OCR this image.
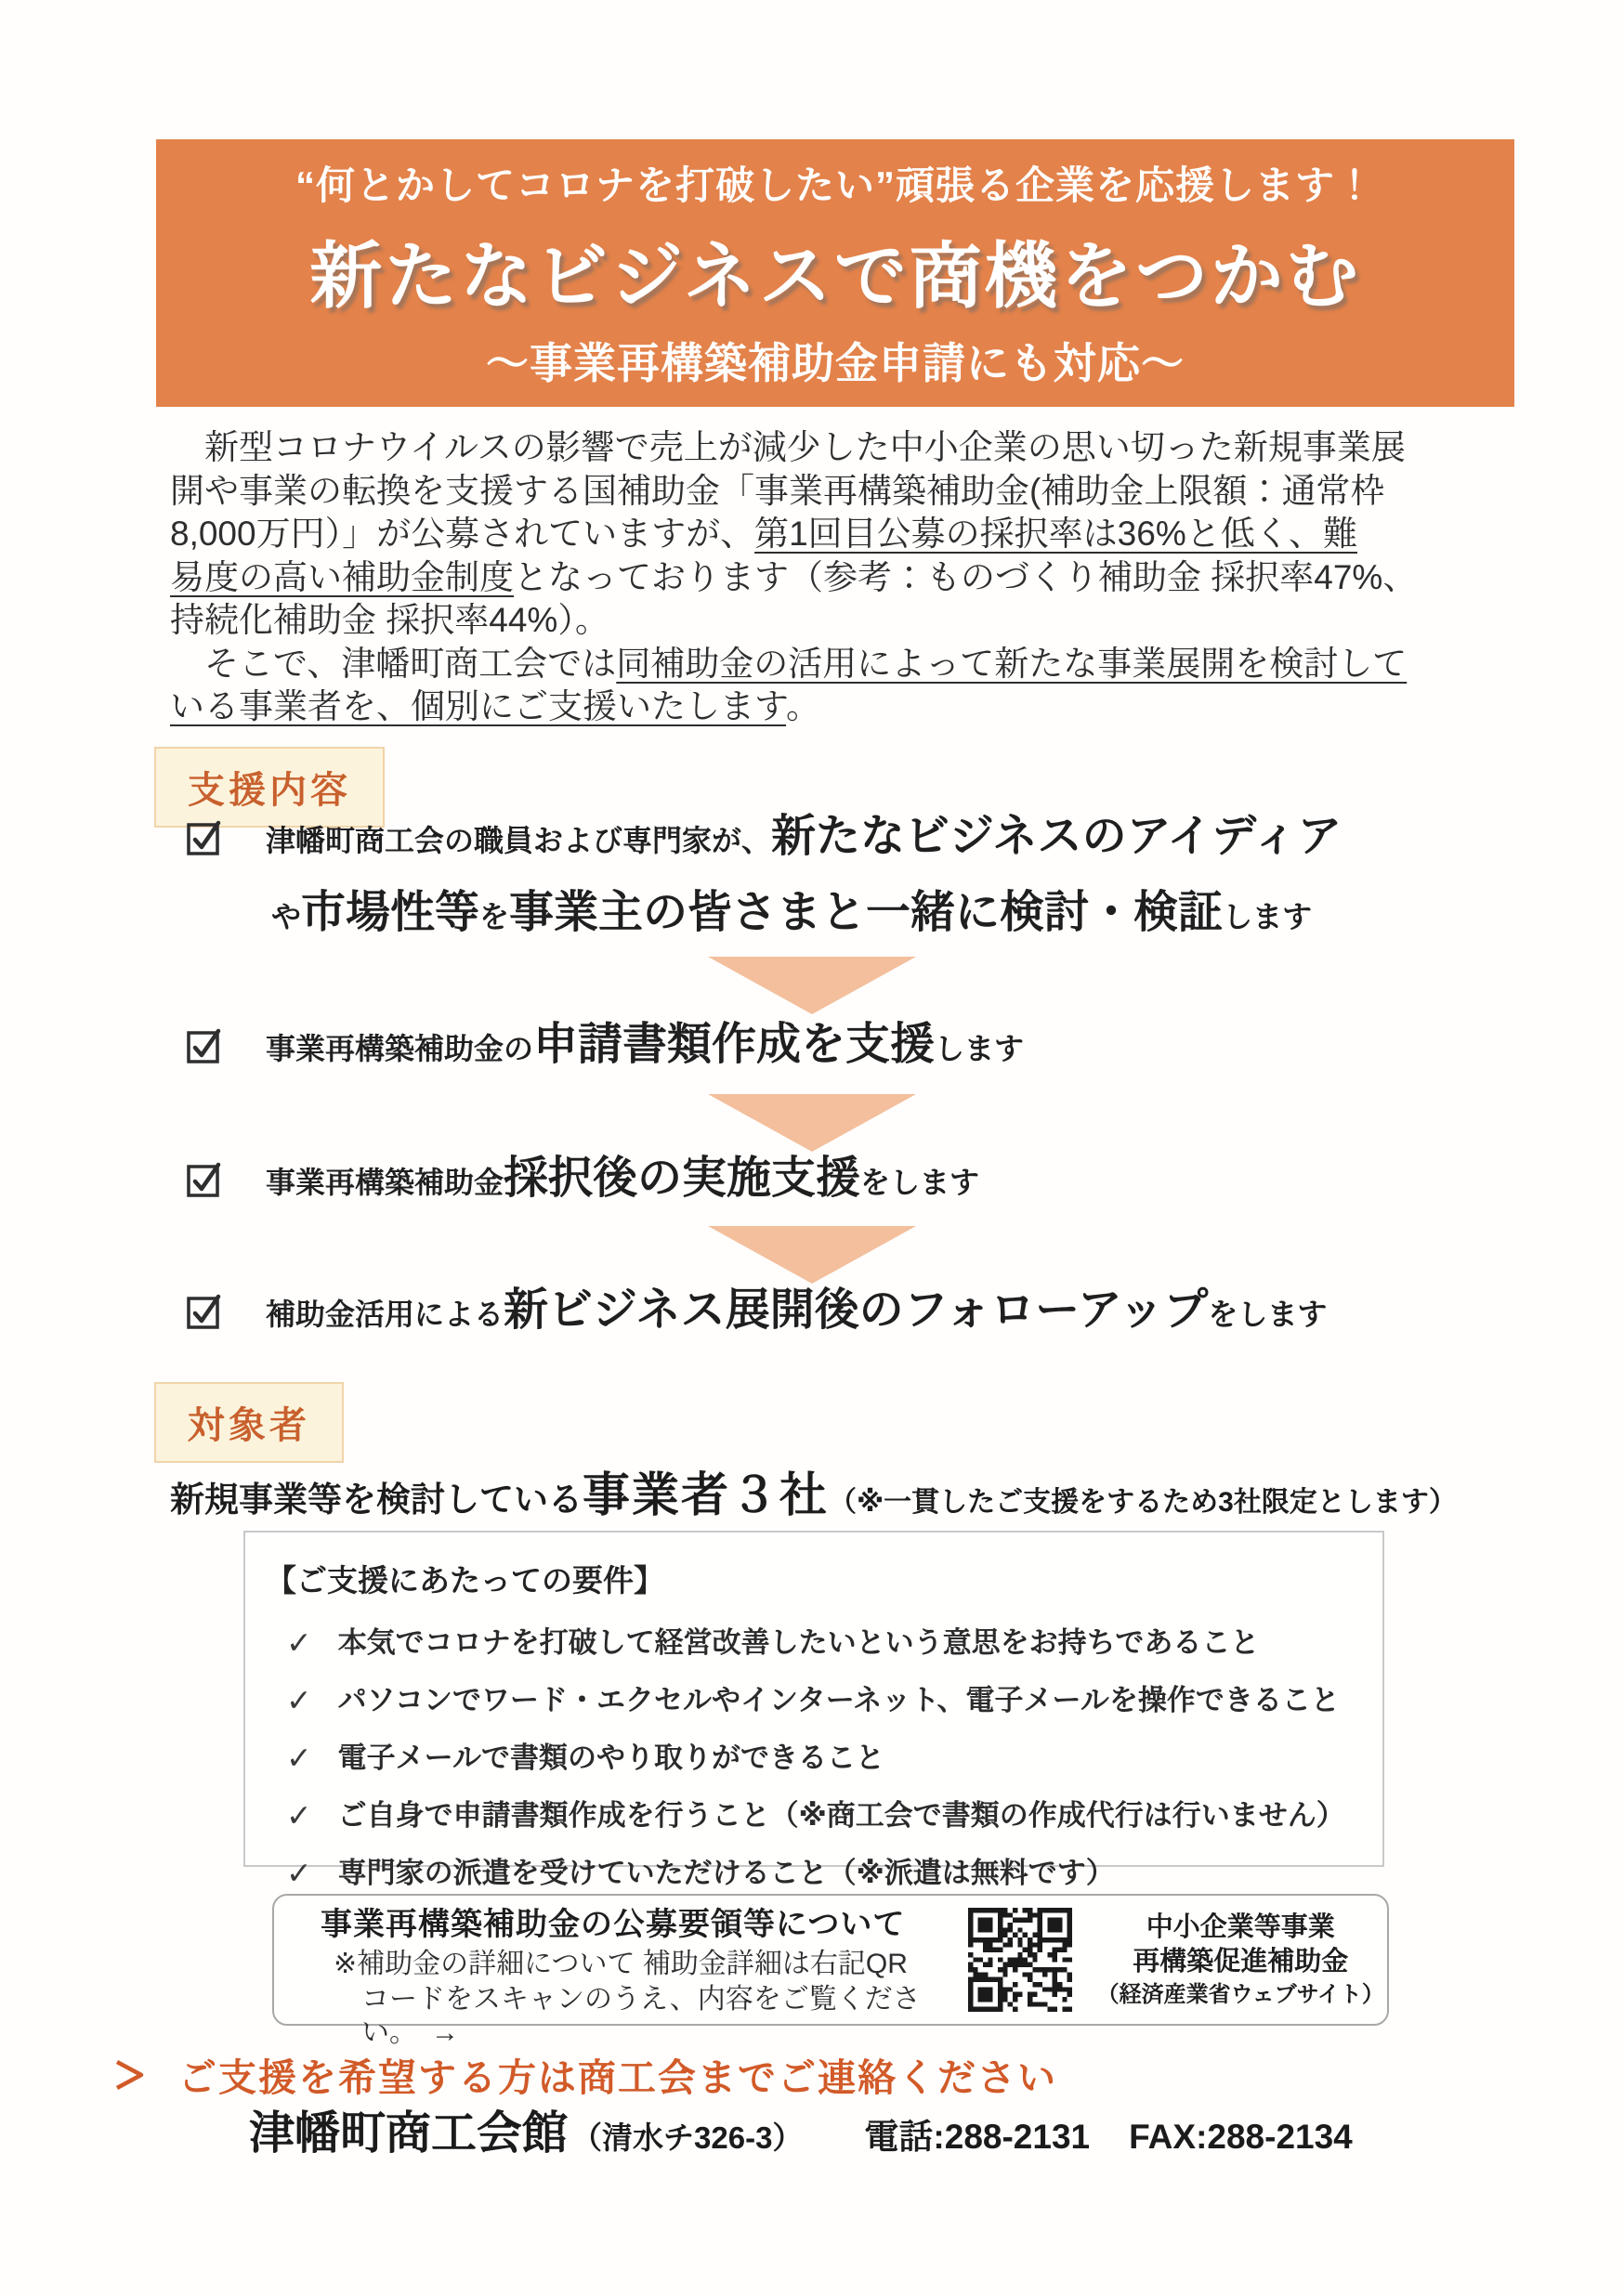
“何とかしてコロナを打破したい”頑張る企業を応援します！
新たなビジネスで商機をつかむ
～事業再構築補助金申請にも対応～
　新型コロナウイルスの影響で売上が減少した中小企業の思い切った新規事業展
開や事業の転換を支援する国補助金「事業再構築補助金(補助金上限額：通常枠
8,000万円）」が公募されていますが、第1回目公募の採択率は36%と低く、難
易度の高い補助金制度となっております（参考：ものづくり補助金 採択率47%、
持続化補助金 採択率44%）。
　そこで、津幡町商工会では同補助金の活用によって新たな事業展開を検討して
いる事業者を、個別にご支援いたします。
支援内容
津幡町商工会の職員および専門家が、新たなビジネスのアイディア
や市場性等を事業主の皆さまと一緒に検討・検証します
事業再構築補助金の申請書類作成を支援します
事業再構築補助金採択後の実施支援をします
補助金活用による新ビジネス展開後のフォローアップをします
対象者
新規事業等を検討している事業者３社（※一貫したご支援をするため3社限定とします）
【ご支援にあたっての要件】
✓ 本気でコロナを打破して経営改善したいという意思をお持ちであること
✓ パソコンでワード・エクセルやインターネット、電子メールを操作できること
✓ 電子メールで書類のやり取りができること
✓ ご自身で申請書類作成を行うこと（※商工会で書類の作成代行は行いません）
✓ 専門家の派遣を受けていただけること（※派遣は無料です）
事業再構築補助金の公募要領等について
※補助金の詳細について 補助金詳細は右記QR
コードをスキャンのうえ、内容をご覧ください。　→
中小企業等事業
再構築促進補助金
（経済産業省ウェブサイト）
ご支援を希望する方は商工会までご連絡ください
津幡町商工会館 （清水チ326-3） 電話:288-2131 FAX:288-2134
